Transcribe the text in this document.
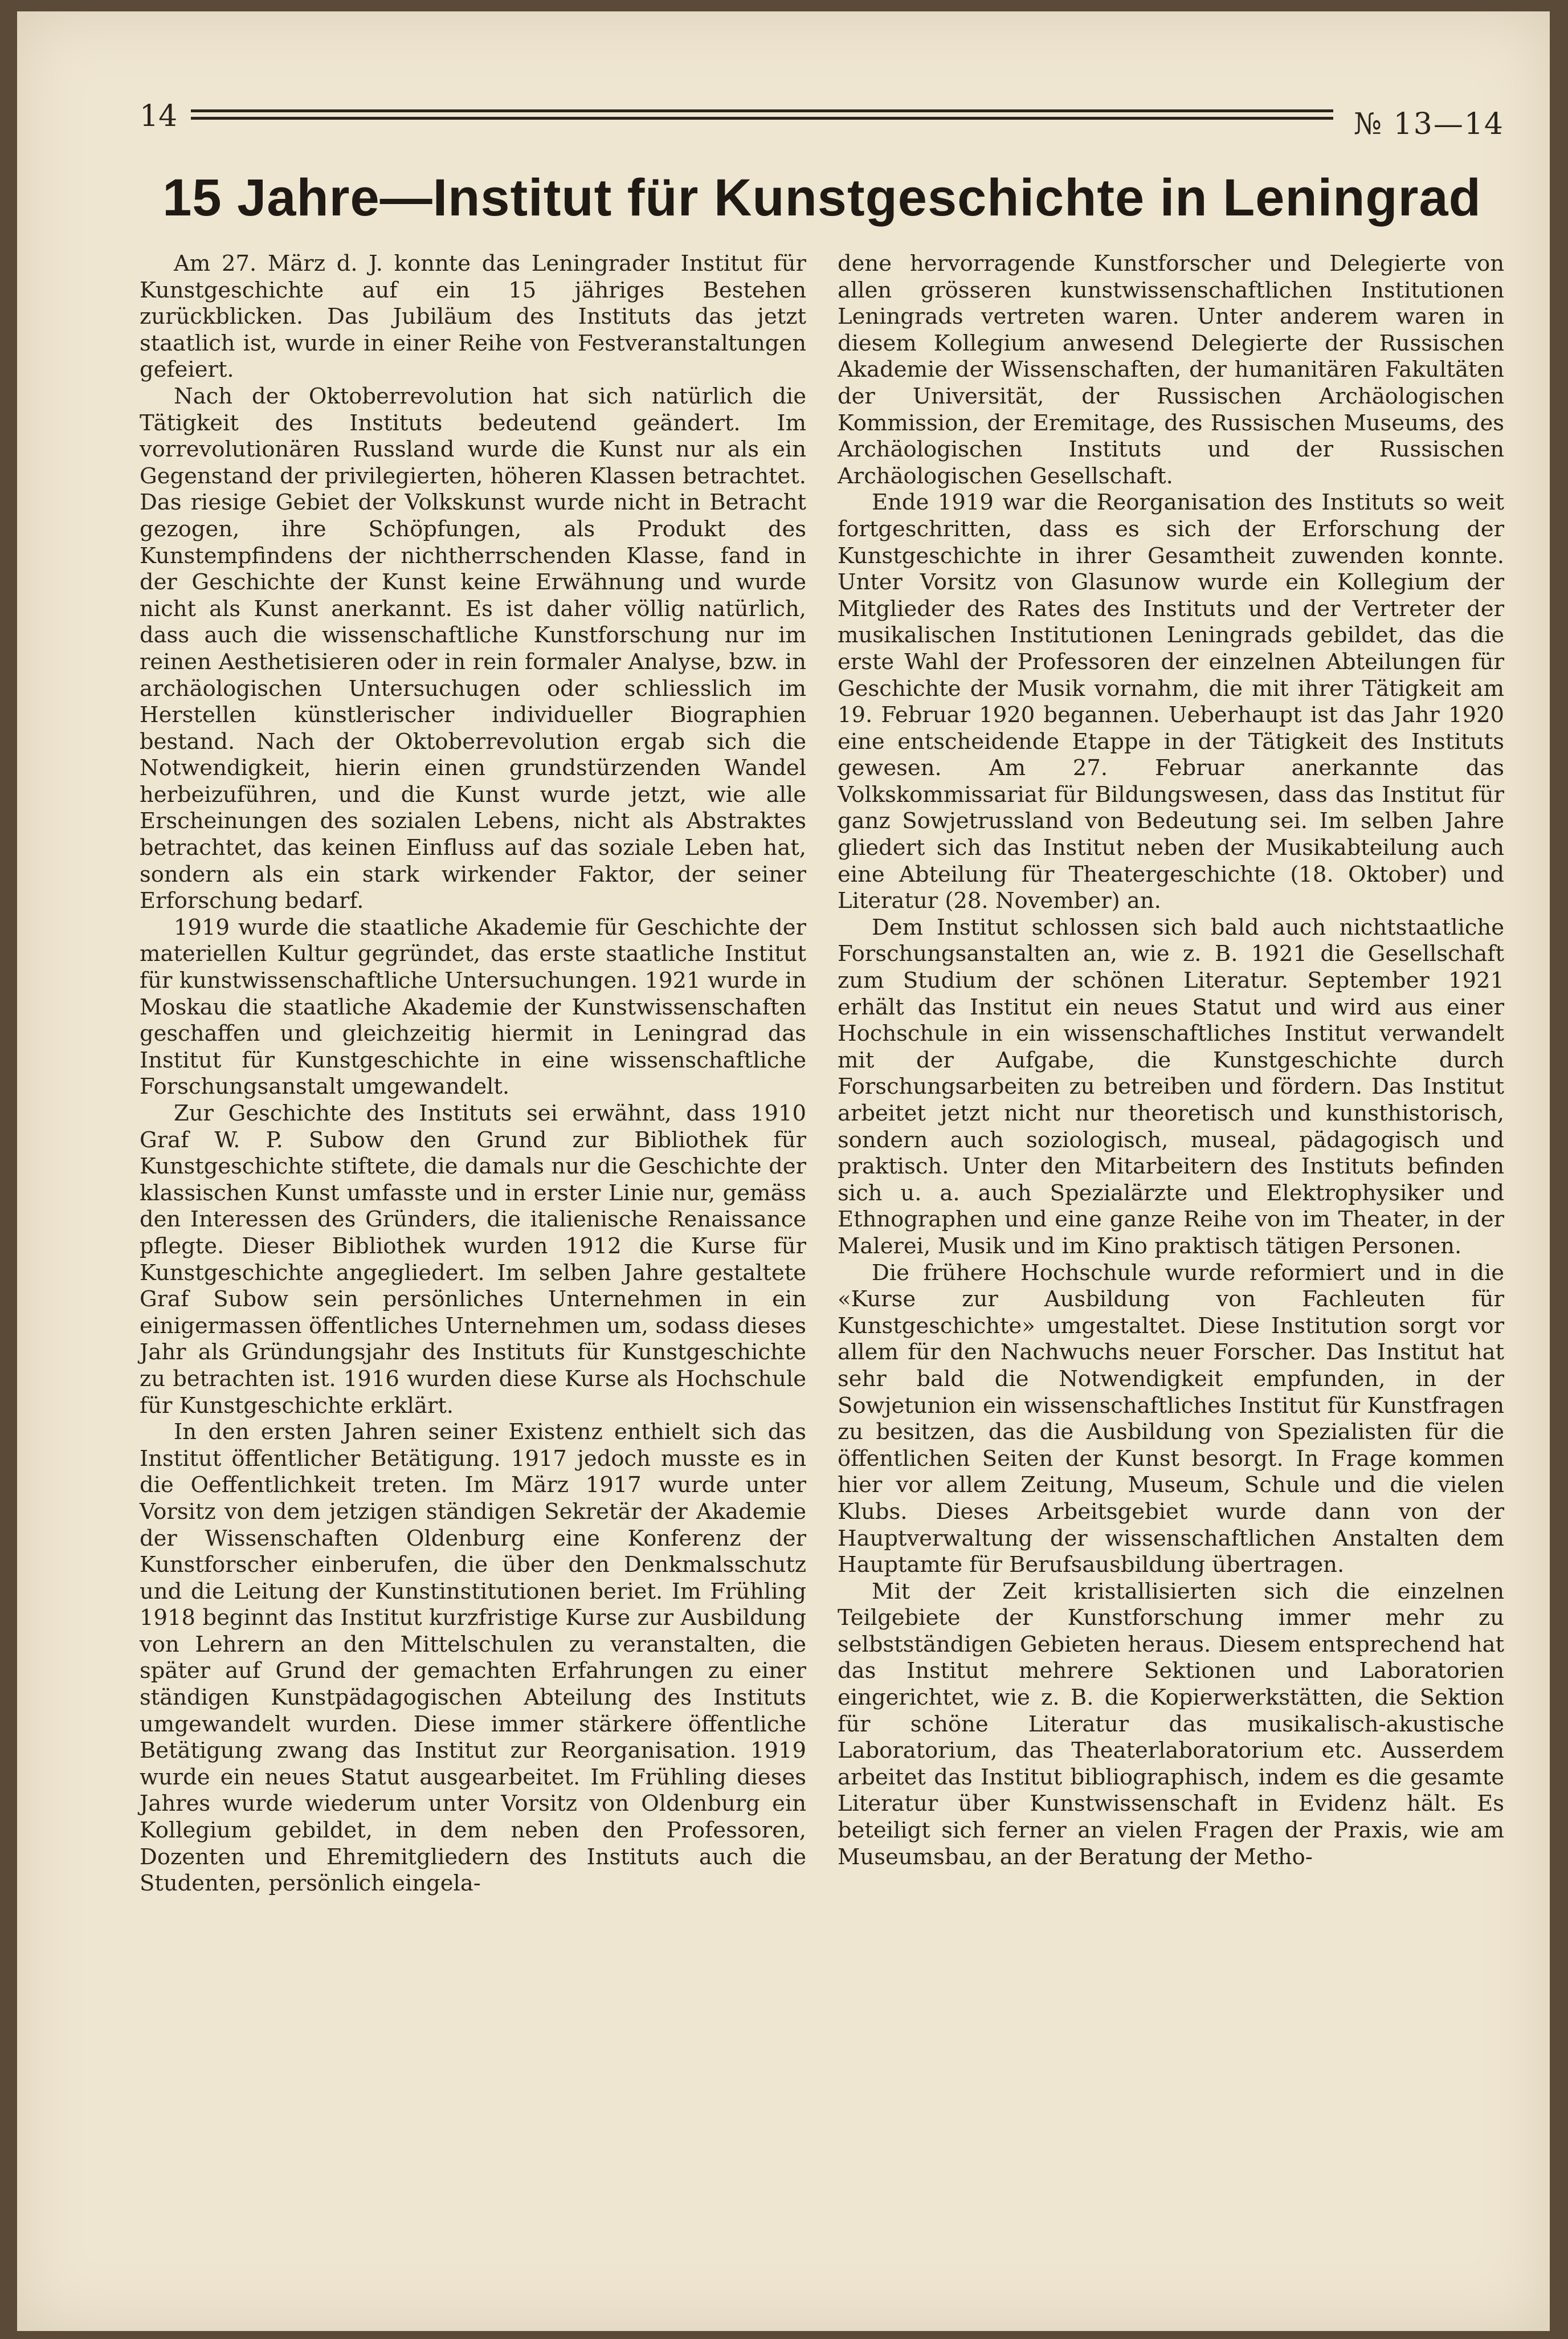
14	№ 13—14
15 Jahre—Institut für Kunstgeschichte in Leningrad

Am 27. März d. J. konnte das Leningrader Institut für Kunstgeschichte auf ein 15 jähriges Bestehen zurückblicken. Das Jubiläum des Instituts das jetzt staatlich ist, wurde in einer Reihe von Festveranstaltungen gefeiert.

Nach der Oktoberrevolution hat sich natürlich die Tätigkeit des Instituts bedeutend geändert. Im vorrevolutionären Russland wurde die Kunst nur als ein Gegenstand der privilegierten, höheren Klassen betrachtet. Das riesige Gebiet der Volkskunst wurde nicht in Betracht gezogen, ihre Schöpfungen, als Produkt des Kunstempfindens der nichtherrschenden Klasse, fand in der Geschichte der Kunst keine Erwähnung und wurde nicht als Kunst anerkannt. Es ist daher völlig natürlich, dass auch die wissenschaftliche Kunstforschung nur im reinen Aesthetisieren oder in rein formaler Analyse, bzw. in archäologischen Untersuchugen oder schliesslich im Herstellen künstlerischer individueller Biographien bestand. Nach der Oktoberrevolution ergab sich die Notwendigkeit, hierin einen grundstürzenden Wandel herbeizuführen, und die Kunst wurde jetzt, wie alle Erscheinungen des sozialen Lebens, nicht als Abstraktes betrachtet, das keinen Einfluss auf das soziale Leben hat, sondern als ein stark wirkender Faktor, der seiner Erforschung bedarf.

1919 wurde die staatliche Akademie für Geschichte der materiellen Kultur gegründet, das erste staatliche Institut für kunstwissenschaftliche Untersuchungen. 1921 wurde in Moskau die staatliche Akademie der Kunstwissenschaften geschaffen und gleichzeitig hiermit in Leningrad das Institut für Kunstgeschichte in eine wissenschaftliche Forschungsanstalt umgewandelt.

Zur Geschichte des Instituts sei erwähnt, dass 1910 Graf W. P. Subow den Grund zur Bibliothek für Kunstgeschichte stiftete, die damals nur die Geschichte der klassischen Kunst umfasste und in erster Linie nur, gemäss den Interessen des Gründers, die italienische Renaissance pflegte. Dieser Bibliothek wurden 1912 die Kurse für Kunstgeschichte angegliedert. Im selben Jahre gestaltete Graf Subow sein persönliches Unternehmen in ein einigermassen öffentliches Unternehmen um, sodass dieses Jahr als Gründungsjahr des Instituts für Kunstgeschichte zu betrachten ist. 1916 wurden diese Kurse als Hochschule für Kunstgeschichte erklärt.

In den ersten Jahren seiner Existenz enthielt sich das Institut öffentlicher Betätigung. 1917 jedoch musste es in die Oeffentlichkeit treten. Im März 1917 wurde unter Vorsitz von dem jetzigen ständigen Sekretär der Akademie der Wissenschaften Oldenburg eine Konferenz der Kunstforscher einberufen, die über den Denkmalsschutz und die Leitung der Kunstinstitutionen beriet. Im Frühling 1918 beginnt das Institut kurzfristige Kurse zur Ausbildung von Lehrern an den Mittelschulen zu veranstalten, die später auf Grund der gemachten Erfahrungen zu einer ständigen Kunstpädagogischen Abteilung des Instituts umgewandelt wurden. Diese immer stärkere öffentliche Betätigung zwang das Institut zur Reorganisation. 1919 wurde ein neues Statut ausgearbeitet. Im Frühling dieses Jahres wurde wiederum unter Vorsitz von Oldenburg ein Kollegium gebildet, in dem neben den Professoren, Dozenten und Ehremitgliedern des Instituts auch die Studenten, persönlich eingela-

dene hervorragende Kunstforscher und Delegierte von allen grösseren kunstwissenschaftlichen Institutionen Leningrads vertreten waren. Unter anderem waren in diesem Kollegium anwesend Delegierte der Russischen Akademie der Wissenschaften, der humanitären Fakultäten der Universität, der Russischen Archäologischen Kommission, der Eremitage, des Russischen Museums, des Archäologischen Instituts und der Russischen Archäologischen Gesellschaft.

Ende 1919 war die Reorganisation des Instituts so weit fortgeschritten, dass es sich der Erforschung der Kunstgeschichte in ihrer Gesamtheit zuwenden konnte. Unter Vorsitz von Glasunow wurde ein Kollegium der Mitglieder des Rates des Instituts und der Vertreter der musikalischen Institutionen Leningrads gebildet, das die erste Wahl der Professoren der einzelnen Abteilungen für Geschichte der Musik vornahm, die mit ihrer Tätigkeit am 19. Februar 1920 begannen. Ueberhaupt ist das Jahr 1920 eine entscheidende Etappe in der Tätigkeit des Instituts gewesen. Am 27. Februar anerkannte das Volkskommissariat für Bildungswesen, dass das Institut für ganz Sowjetrussland von Bedeutung sei. Im selben Jahre gliedert sich das Institut neben der Musikabteilung auch eine Abteilung für Theatergeschichte (18. Oktober) und Literatur (28. November) an.

Dem Institut schlossen sich bald auch nichtstaatliche Forschungsanstalten an, wie z. B. 1921 die Gesellschaft zum Studium der schönen Literatur. September 1921 erhält das Institut ein neues Statut und wird aus einer Hochschule in ein wissenschaftliches Institut verwandelt mit der Aufgabe, die Kunstgeschichte durch Forschungsarbeiten zu betreiben und fördern. Das Institut arbeitet jetzt nicht nur theoretisch und kunsthistorisch, sondern auch soziologisch, museal, pädagogisch und praktisch. Unter den Mitarbeitern des Instituts befinden sich u. a. auch Spezialärzte und Elektrophysiker und Ethnographen und eine ganze Reihe von im Theater, in der Malerei, Musik und im Kino praktisch tätigen Personen.

Die frühere Hochschule wurde reformiert und in die «Kurse zur Ausbildung von Fachleuten für Kunstgeschichte» umgestaltet. Diese Institution sorgt vor allem für den Nachwuchs neuer Forscher. Das Institut hat sehr bald die Notwendigkeit empfunden, in der Sowjetunion ein wissenschaftliches Institut für Kunstfragen zu besitzen, das die Ausbildung von Spezialisten für die öffentlichen Seiten der Kunst besorgt. In Frage kommen hier vor allem Zeitung, Museum, Schule und die vielen Klubs. Dieses Arbeitsgebiet wurde dann von der Hauptverwaltung der wissenschaftlichen Anstalten dem Hauptamte für Berufsausbildung übertragen.

Mit der Zeit kristallisierten sich die einzelnen Teilgebiete der Kunstforschung immer mehr zu selbstständigen Gebieten heraus. Diesem entsprechend hat das Institut mehrere Sektionen und Laboratorien eingerichtet, wie z. B. die Kopierwerkstätten, die Sektion für schöne Literatur das musikalisch-akustische Laboratorium, das Theaterlaboratorium etc. Ausserdem arbeitet das Institut bibliographisch, indem es die gesamte Literatur über Kunstwissenschaft in Evidenz hält. Es beteiligt sich ferner an vielen Fragen der Praxis, wie am Museumsbau, an der Beratung der Metho-
